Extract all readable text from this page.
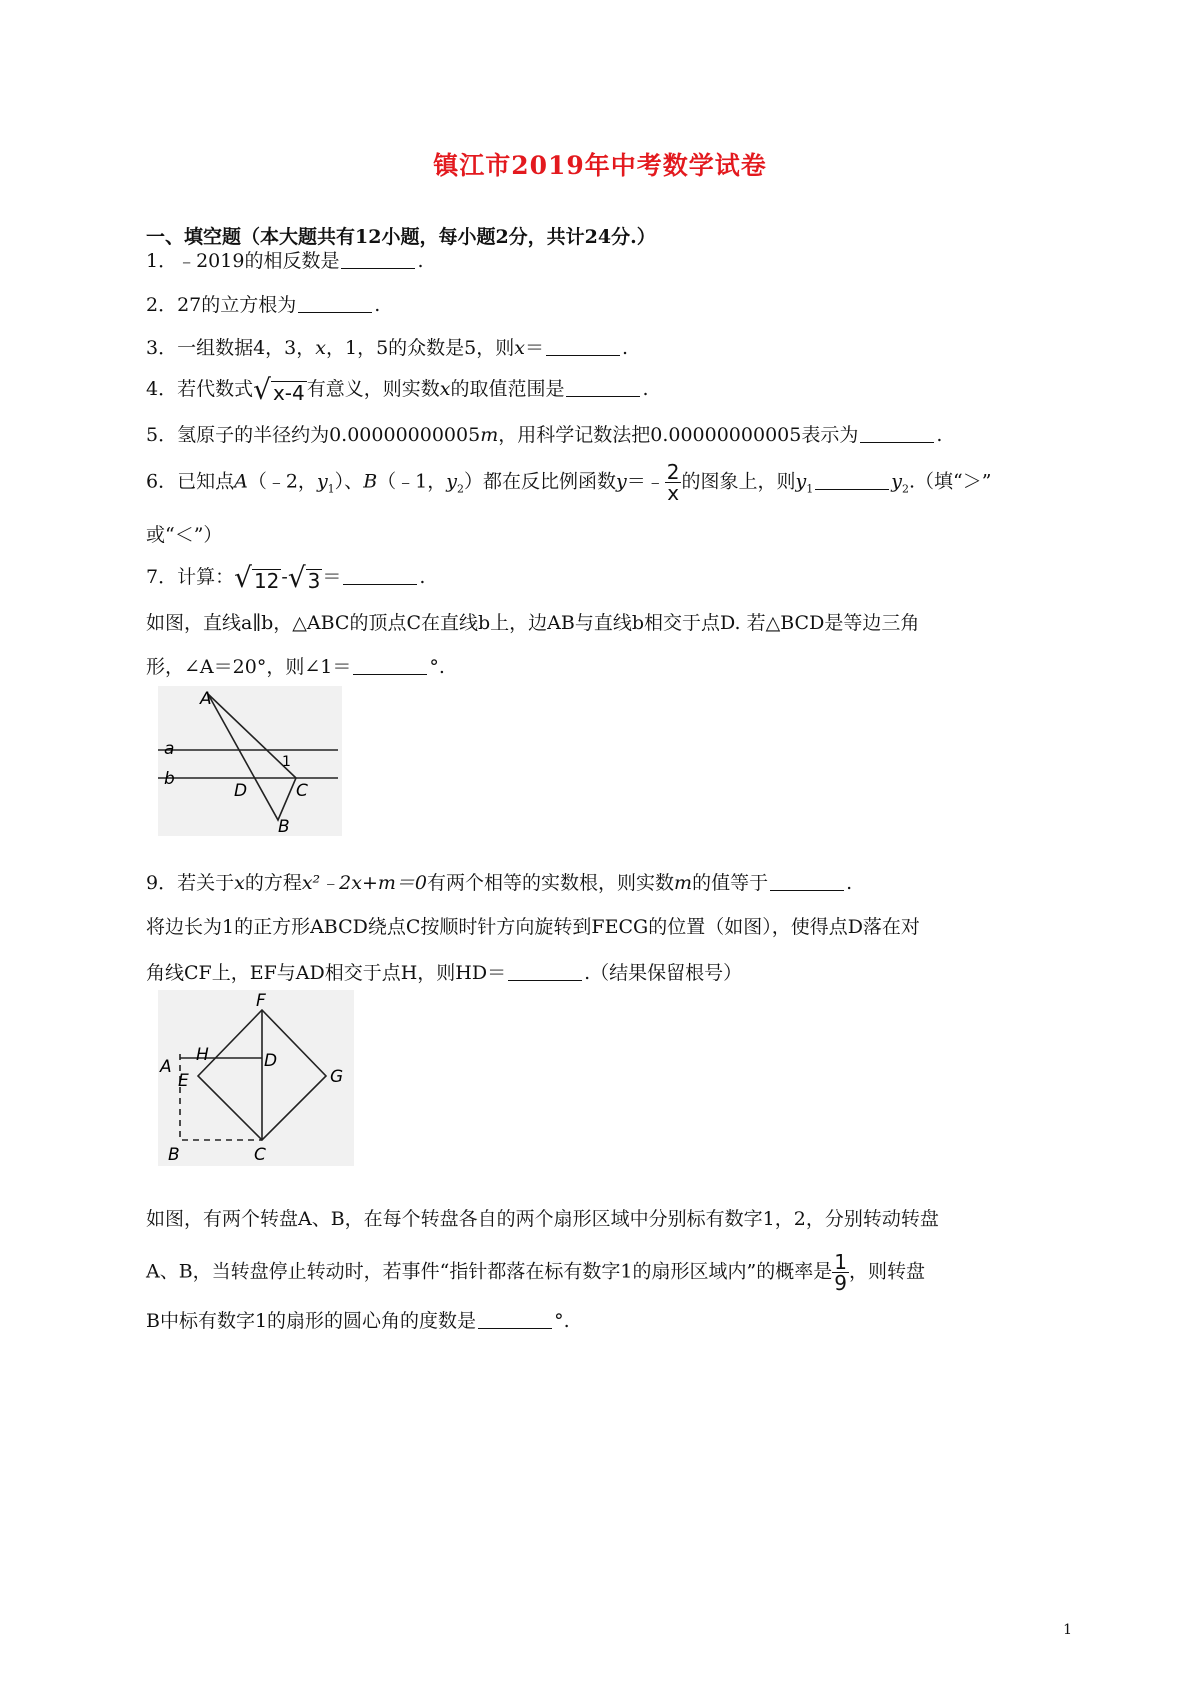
镇江市2019年中考数学试卷
一、填空题（本大题共有12小题，每小题2分，共计24分.）
1．﹣2019的相反数是	.
2．27的立方根为	.
3．一组数据4，3，x，1，5的众数是5，则x＝	.
4．若代数式 √ x-4 有意义，则实数x的取值范围是	.
5．氢原子的半径约为0.00000000005m，用科学记数法把0.00000000005表示为	.
6．已知点A（﹣2，$y_1$）、B（﹣1，$y_2$）都在反比例函数y＝﹣ $\frac{2}{x}$ 的图象上，则$y_1$	$y_2$.（填“＞”
或“＜”）
7．计算： √ 12 - √ 3 ＝	.
如图，直线a∥b，△ABC的顶点C在直线b上，边AB与直线b相交于点D. 若△BCD是等边三角
形，∠A＝20°，则∠1＝	°.
A
a
b
1
D	C
B
9．若关于x的方程x²﹣2x+m＝0有两个相等的实数根，则实数m的值等于	.
将边长为1的正方形ABCD绕点C按顺时针方向旋转到FECG的位置（如图），使得点D落在对
角线CF上，EF与AD相交于点H，则HD＝	.（结果保留根号）
F
A
H	D
E	G
B	C
如图，有两个转盘A、B，在每个转盘各自的两个扇形区域中分别标有数字1，2，分别转动转盘
A、B，当转盘停止转动时，若事件“指针都落在标有数字1的扇形区域内”的概率是 $\frac{1}{9}$ ，则转盘
B中标有数字1的扇形的圆心角的度数是	°.
1
